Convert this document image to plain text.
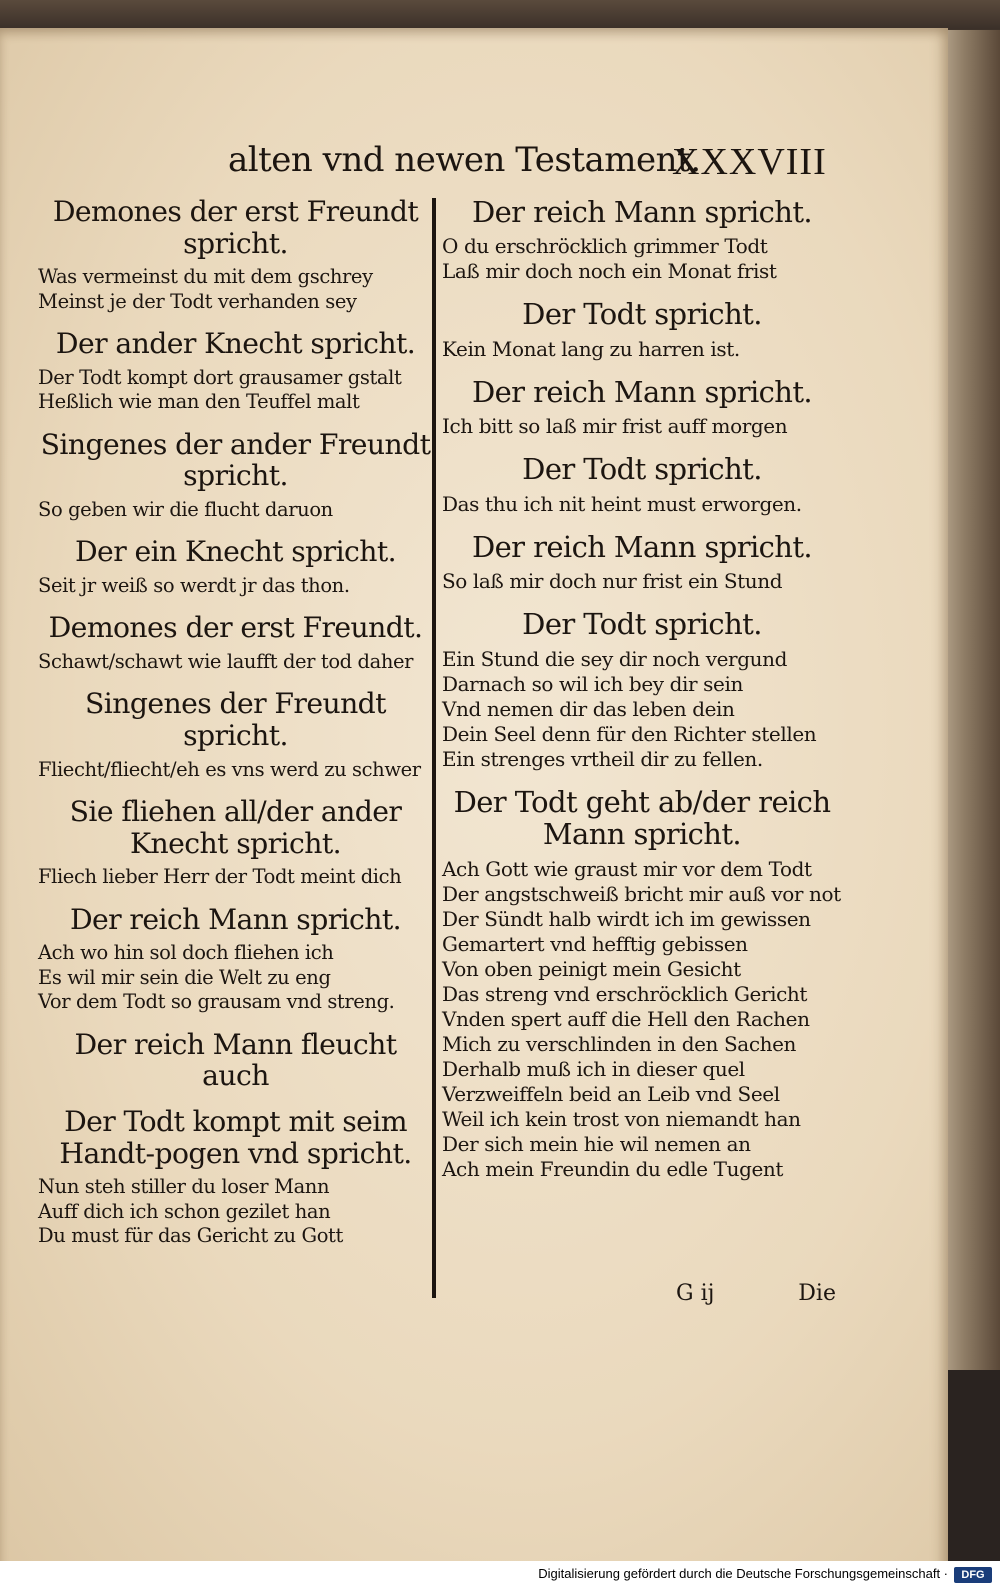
alten vnd newen Testament.
XXXVIII
Demones der erst Freundt spricht.
Was vermeinst du mit dem gschrey
Meinst je der Todt verhanden sey
Der ander Knecht spricht.
Der Todt kompt dort grausamer gstalt
Heßlich wie man den Teuffel malt
Singenes der ander Freundt spricht.
So geben wir die flucht daruon
Der ein Knecht spricht.
Seit jr weiß so werdt jr das thon.
Demones der erst Freundt.
Schawt/schawt wie laufft der tod daher
Singenes der Freundt spricht.
Fliecht/fliecht/eh es vns werd zu schwer
Sie fliehen all/der ander Knecht spricht.
Fliech lieber Herr der Todt meint dich
Der reich Mann spricht.
Ach wo hin sol doch fliehen ich
Es wil mir sein die Welt zu eng
Vor dem Todt so grausam vnd streng.
Der reich Mann fleucht auch
Der Todt kompt mit seim Handt-pogen vnd spricht.
Nun steh stiller du loser Mann
Auff dich ich schon gezilet han
Du must für das Gericht zu Gott
Der reich Mann spricht.
O du erschröcklich grimmer Todt
Laß mir doch noch ein Monat frist
Der Todt spricht.
Kein Monat lang zu harren ist.
Der reich Mann spricht.
Ich bitt so laß mir frist auff morgen
Der Todt spricht.
Das thu ich nit heint must erworgen.
Der reich Mann spricht.
So laß mir doch nur frist ein Stund
Der Todt spricht.
Ein Stund die sey dir noch vergund
Darnach so wil ich bey dir sein
Vnd nemen dir das leben dein
Dein Seel denn für den Richter stellen
Ein strenges vrtheil dir zu fellen.
Der Todt geht ab/der reich Mann spricht.
Ach Gott wie graust mir vor dem Todt
Der angstschweiß bricht mir auß vor not
Der Sündt halb wirdt ich im gewissen
Gemartert vnd hefftig gebissen
Von oben peinigt mein Gesicht
Das streng vnd erschröcklich Gericht
Vnden spert auff die Hell den Rachen
Mich zu verschlinden in den Sachen
Derhalb muß ich in dieser quel
Verzweiffeln beid an Leib vnd Seel
Weil ich kein trost von niemandt han
Der sich mein hie wil nemen an
Ach mein Freundin du edle Tugent
G ij	Die
Digitalisierung gefördert durch die Deutsche Forschungsgemeinschaft ·	DFG
